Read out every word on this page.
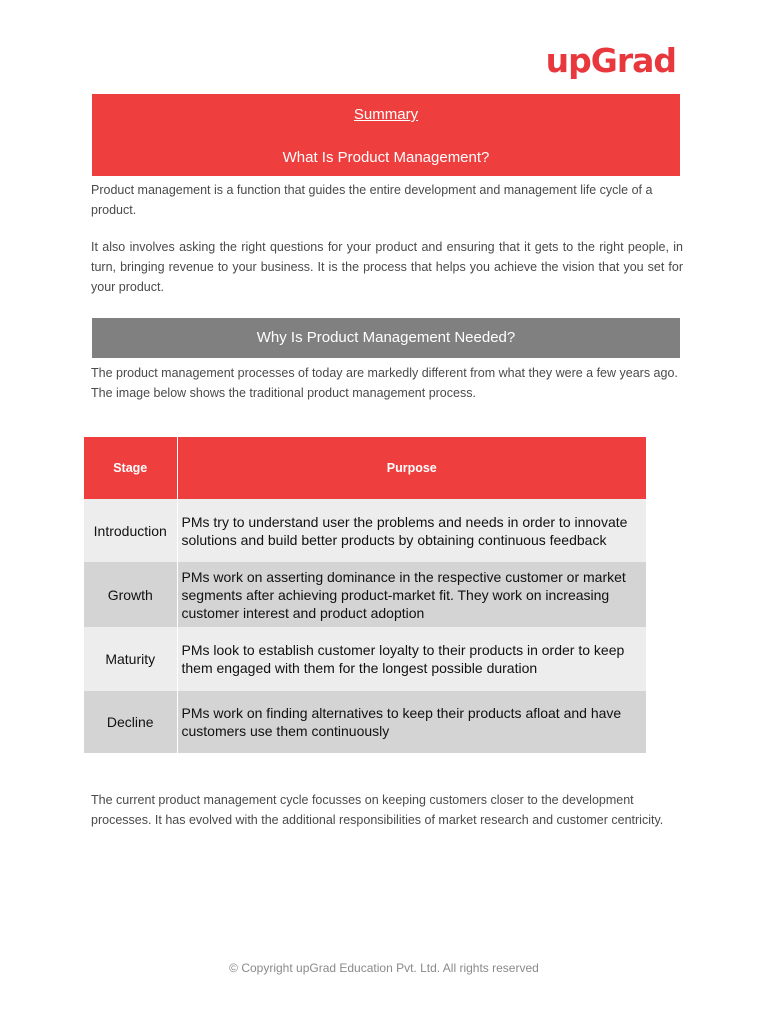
upGrad
Summary
What Is Product Management?

Product management is a function that guides the entire development and management life cycle of a product.

It also involves asking the right questions for your product and ensuring that it gets to the right people, in turn, bringing revenue to your business. It is the process that helps you achieve the vision that you set for your product.

Why Is Product Management Needed?

The product management processes of today are markedly different from what they were a few years ago. The image below shows the traditional product management process.

Stage	Purpose
Introduction	PMs try to understand user the problems and needs in order to innovate solutions and build better products by obtaining continuous feedback
Growth	PMs work on asserting dominance in the respective customer or market segments after achieving product-market fit. They work on increasing customer interest and product adoption
Maturity	PMs look to establish customer loyalty to their products in order to keep them engaged with them for the longest possible duration
Decline	PMs work on finding alternatives to keep their products afloat and have customers use them continuously

The current product management cycle focusses on keeping customers closer to the development processes. It has evolved with the additional responsibilities of market research and customer centricity.

© Copyright upGrad Education Pvt. Ltd. All rights reserved
